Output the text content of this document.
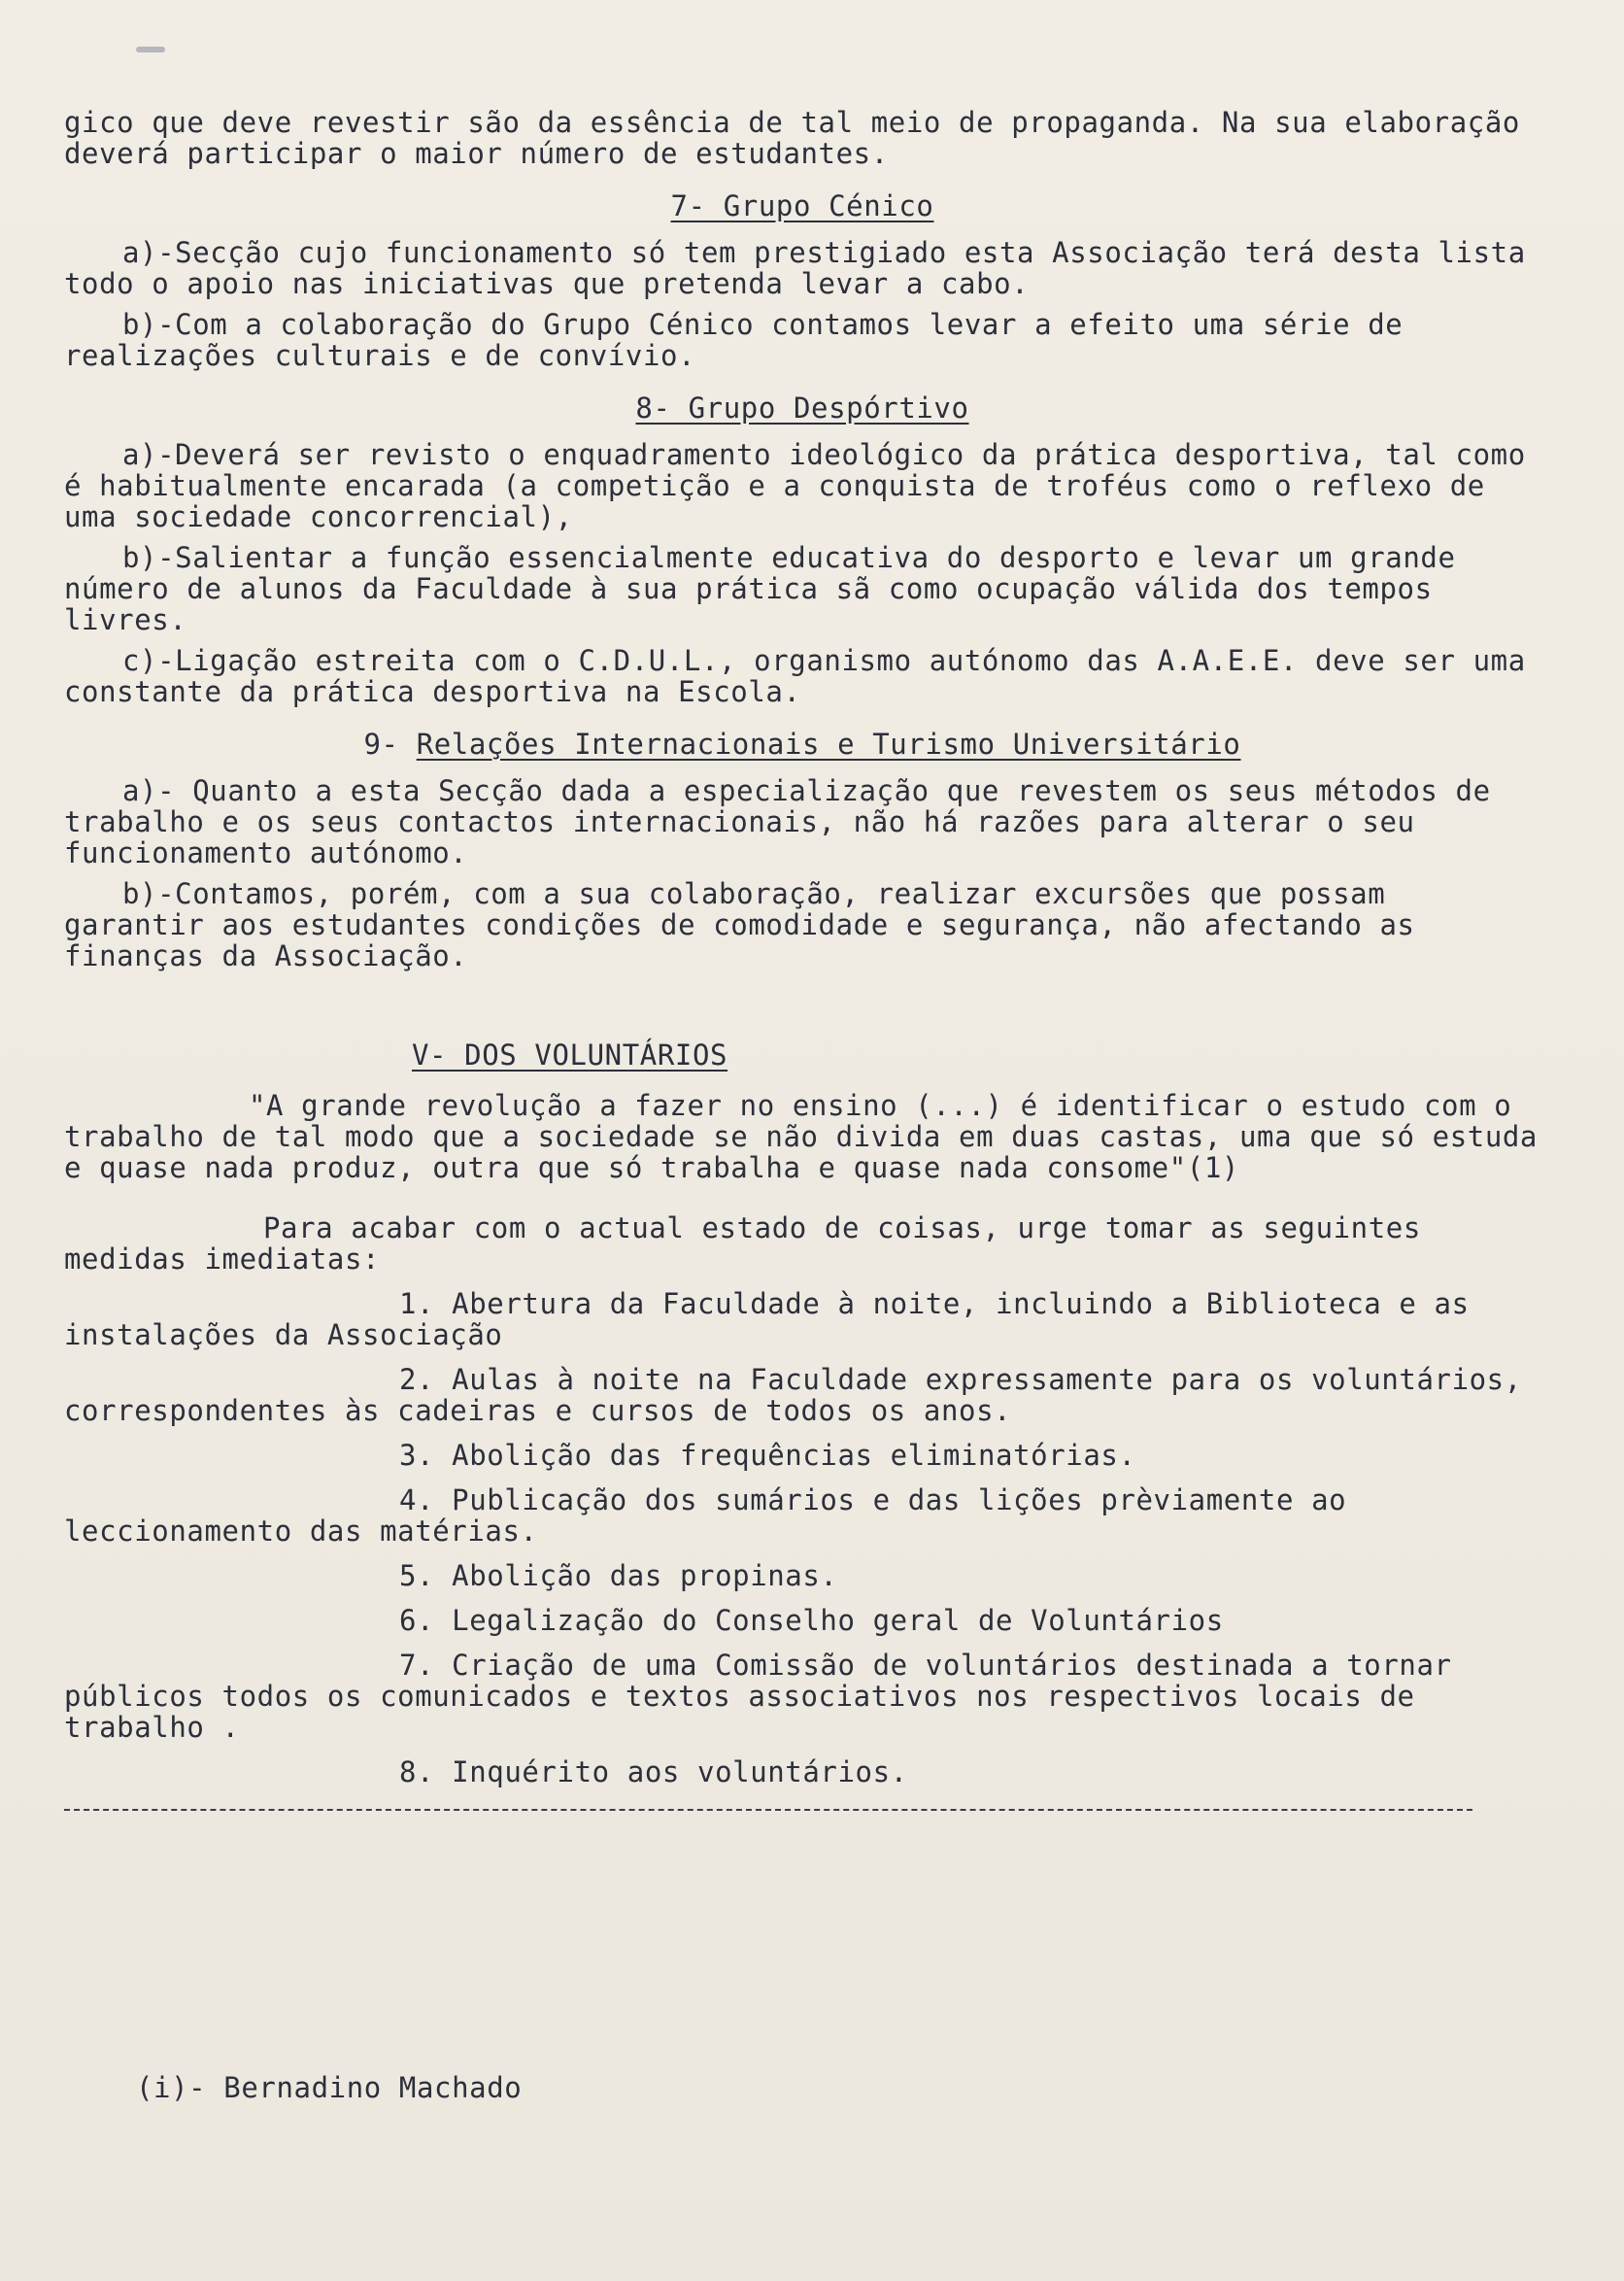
gico que deve revestir são da essência de tal meio de propaganda. Na sua elaboração deverá participar o maior número de estudantes.

7- Grupo Cénico

a)-Secção cujo funcionamento só tem prestigiado esta Associação terá desta lista todo o apoio nas iniciativas que pretenda levar a cabo.

b)-Com a colaboração do Grupo Cénico contamos levar a efeito uma série de realizações culturais e de convívio.

8- Grupo Despórtivo

a)-Deverá ser revisto o enquadramento ideológico da prática desportiva, tal como é habitualmente encarada (a competição e a conquista de troféus como o reflexo de uma sociedade concorrencial),

b)-Salientar a função essencialmente educativa do desporto e levar um grande número de alunos da Faculdade à sua prática sã como ocupação válida dos tempos livres.

c)-Ligação estreita com o C.D.U.L., organismo autónomo das A.A.E.E. deve ser uma constante da prática desportiva na Escola.

9- Relações Internacionais e Turismo Universitário

a)- Quanto a esta Secção dada a especialização que revestem os seus métodos de trabalho e os seus contactos internacionais, não há razões para alterar o seu funcionamento autónomo.

b)-Contamos, porém, com a sua colaboração, realizar excursões que possam garantir aos estudantes condições de comodidade e segurança, não afectando as finanças da Associação.

V- DOS VOLUNTÁRIOS

"A grande revolução a fazer no ensino (...) é identificar o estudo com o trabalho de tal modo que a sociedade se não divida em duas castas, uma que só estuda e quase nada produz, outra que só trabalha e quase nada consome"(1)

Para acabar com o actual estado de coisas, urge tomar as seguintes medidas imediatas:

1. Abertura da Faculdade à noite, incluindo a Biblioteca e as instalações da Associação

2. Aulas à noite na Faculdade expressamente para os voluntários, correspondentes às cadeiras e cursos de todos os anos.

3. Abolição das frequências eliminatórias.

4. Publicação dos sumários e das lições prèviamente ao leccionamento das matérias.

5. Abolição das propinas.

6. Legalização do Conselho geral de Voluntários

7. Criação de uma Comissão de voluntários destinada a tornar públicos todos os comunicados e textos associativos nos respectivos locais de trabalho .

8. Inquérito aos voluntários.

(i)- Bernadino Machado
